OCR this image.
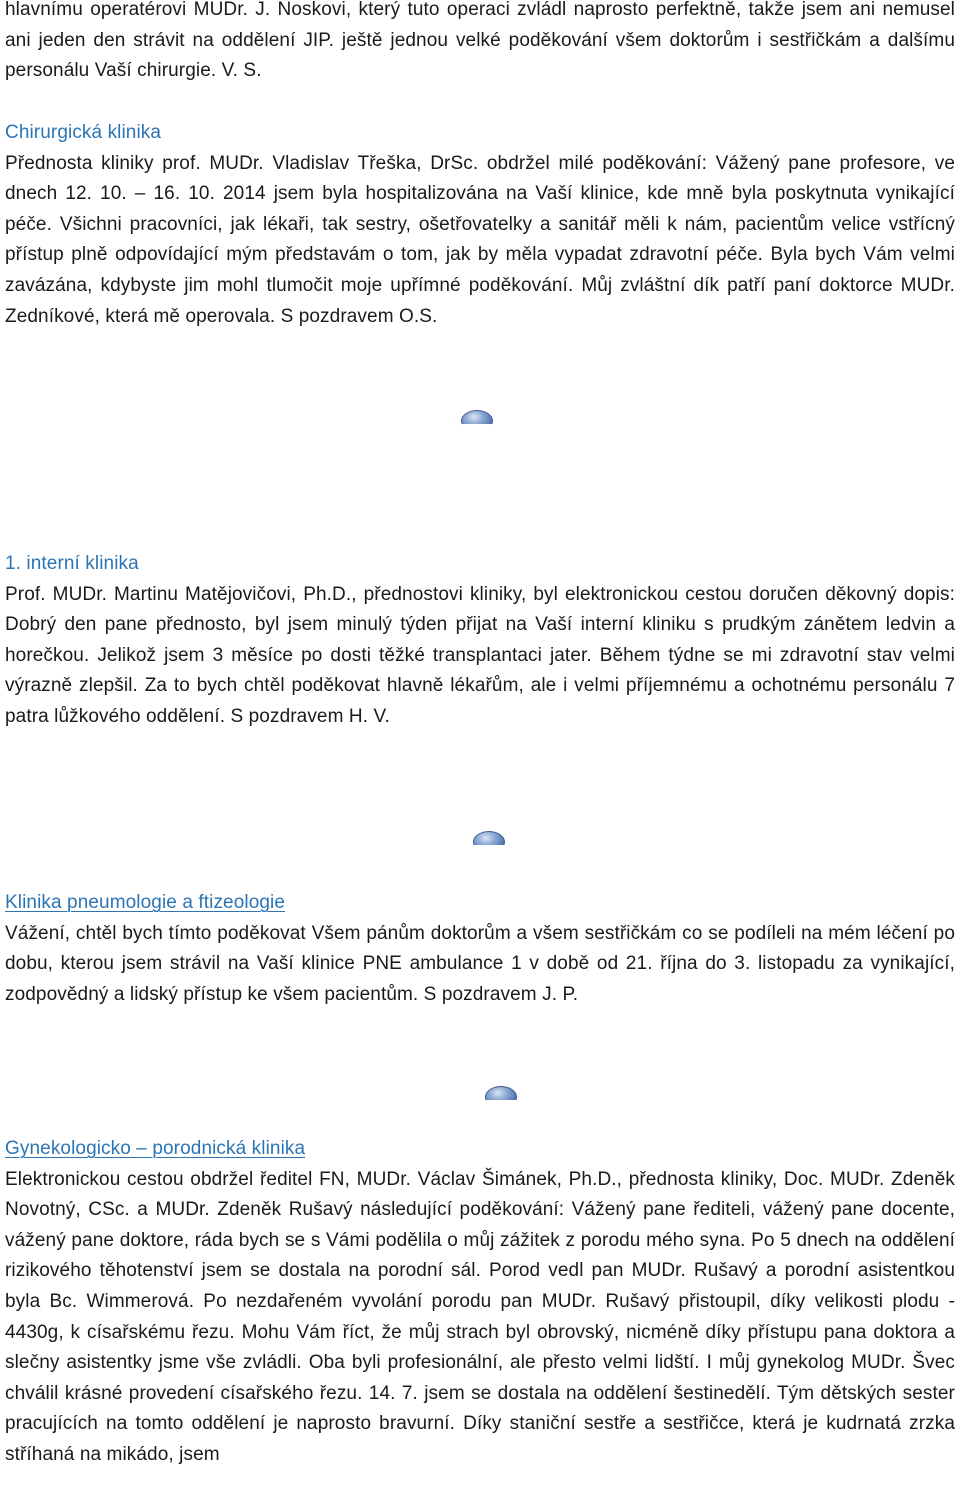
hlavnímu operatérovi MUDr. J. Noskovi, který tuto operaci zvládl naprosto perfektně, takže jsem ani nemusel ani jeden den strávit na oddělení JIP. ještě jednou velké poděkování všem doktorům i sestřičkám a dalšímu personálu Vaší chirurgie. V. S.
Chirurgická klinika
Přednosta kliniky prof. MUDr. Vladislav Třeška, DrSc. obdržel milé poděkování: Vážený pane profesore, ve dnech 12. 10. – 16. 10. 2014 jsem byla hospitalizována na Vaší klinice, kde mně byla poskytnuta vynikající péče. Všichni pracovníci, jak lékaři, tak sestry, ošetřovatelky a sanitář měli k nám, pacientům velice vstřícný přístup plně odpovídající mým představám o tom, jak by měla vypadat zdravotní péče. Byla bych Vám velmi zavázána, kdybyste jim mohl tlumočit moje upřímné poděkování. Můj zvláštní dík patří paní doktorce MUDr. Zedníkové, která mě operovala. S pozdravem O.S.
1. interní klinika
Prof. MUDr. Martinu Matějovičovi, Ph.D., přednostovi kliniky, byl elektronickou cestou doručen děkovný dopis: Dobrý den pane přednosto, byl jsem minulý týden přijat na Vaší interní kliniku s prudkým zánětem ledvin a horečkou. Jelikož jsem 3 měsíce po dosti těžké transplantaci jater. Během týdne se mi zdravotní stav velmi výrazně zlepšil. Za to bych chtěl poděkovat hlavně lékařům, ale i velmi příjemnému a ochotnému personálu 7 patra lůžkového oddělení. S pozdravem H. V.
Klinika pneumologie a ftizeologie
Vážení, chtěl bych tímto poděkovat Všem pánům doktorům a všem sestřičkám co se podíleli na mém léčení po dobu, kterou jsem strávil na Vaší klinice PNE ambulance 1 v době od 21. října do 3. listopadu za vynikající, zodpovědný a lidský přístup ke všem pacientům. S pozdravem J. P.
Gynekologicko – porodnická klinika
Elektronickou cestou obdržel ředitel FN, MUDr. Václav Šimánek, Ph.D., přednosta kliniky, Doc. MUDr. Zdeněk Novotný, CSc. a MUDr. Zdeněk Rušavý následující poděkování: Vážený pane řediteli, vážený pane docente, vážený pane doktore, ráda bych se s Vámi podělila o můj zážitek z porodu mého syna. Po 5 dnech na oddělení rizikového těhotenství jsem se dostala na porodní sál. Porod vedl pan MUDr. Rušavý a porodní asistentkou byla Bc. Wimmerová. Po nezdařeném vyvolání porodu pan MUDr. Rušavý přistoupil, díky velikosti plodu - 4430g, k císařskému řezu. Mohu Vám říct, že můj strach byl obrovský, nicméně díky přístupu pana doktora a slečny asistentky jsme vše zvládli. Oba byli profesionální, ale přesto velmi lidští. I můj gynekolog MUDr. Švec chválil krásné provedení císařského řezu. 14. 7. jsem se dostala na oddělení šestinedělí. Tým dětských sester pracujících na tomto oddělení je naprosto bravurní. Díky staniční sestře a sestřičce, která je kudrnatá zrzka stříhaná na mikádo, jsem
